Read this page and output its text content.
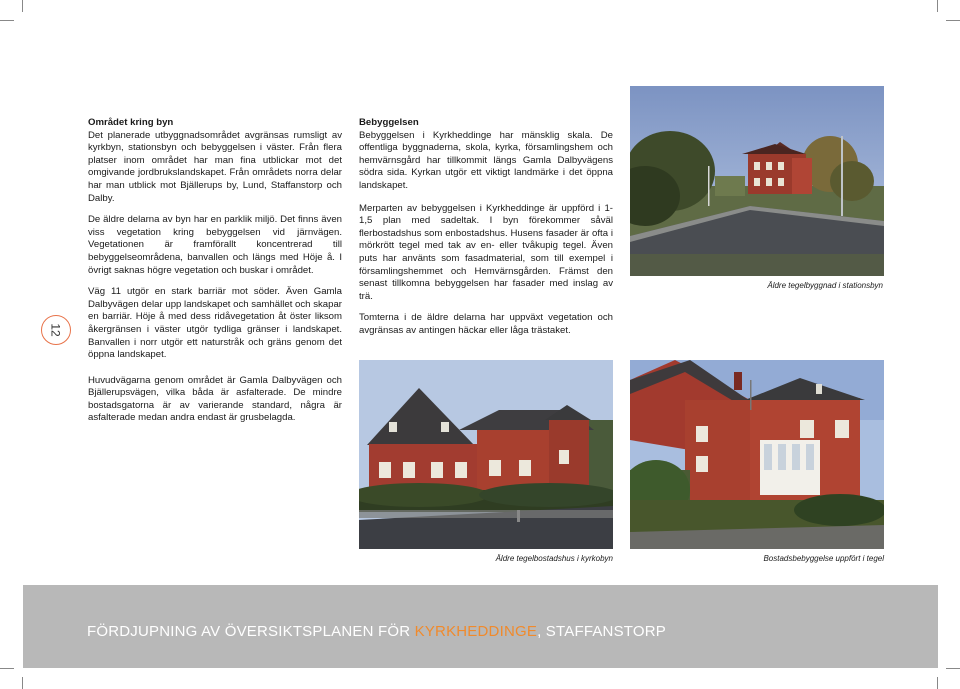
12
Området kring byn

Det planerade utbyggnadsområdet avgränsas rumsligt av kyrkbyn, stationsbyn och bebyggelsen i väster. Från flera platser inom området har man fina utblickar mot det omgivande jordbrukslandskapet. Från områdets norra delar har man utblick mot Bjällerups by, Lund, Staffanstorp och Dalby.

De äldre delarna av byn har en parklik miljö. Det finns även viss vegetation kring bebyggelsen vid järnvägen. Vegetationen är framförallt koncentrerad till bebyggelseområdena, banvallen och längs med Höje å. I övrigt saknas högre vegetation och buskar i området.

Väg 11 utgör en stark barriär mot söder. Även Gamla Dalbyvägen delar upp landskapet och samhället och skapar en barriär. Höje å med dess ridåvegetation åt öster liksom åkergränsen i väster utgör tydliga gränser i landskapet. Banvallen i norr utgör ett naturstråk och gräns genom det öppna landskapet.

Huvudvägarna genom området är Gamla Dalbyvägen och Bjällerupsvägen, vilka båda är asfalterade. De mindre bostadsgatorna är av varierande standard, några är asfalterade medan andra endast är grusbelagda.

Bebyggelsen

Bebyggelsen i Kyrkheddinge har mänsklig skala. De offentliga byggnaderna, skola, kyrka, församlingshem och hemvärnsgård har tillkommit längs Gamla Dalbyvägens södra sida. Kyrkan utgör ett viktigt landmärke i det öppna landskapet.

Merparten av bebyggelsen i Kyrkheddinge är uppförd i 1-1,5 plan med sadeltak. I byn förekommer såväl flerbostadshus som enbostadshus. Husens fasader är ofta i mörkrött tegel med tak av en- eller tvåkupig tegel. Även puts har använts som fasadmaterial, som till exempel i församlingshemmet och Hemvärnsgården. Främst den senast tillkomna bebyggelsen har fasader med inslag av trä.

Tomterna i de äldre delarna har uppväxt vegetation och avgränsas av antingen häckar eller låga trästaket.

Äldre tegelbyggnad i stationsbyn
Äldre tegelbostadshus i kyrkobyn	Bostadsbebyggelse uppfört i tegel
FÖRDJUPNING AV ÖVERSIKTSPLANEN FÖR KYRKHEDDINGE, STAFFANSTORP
